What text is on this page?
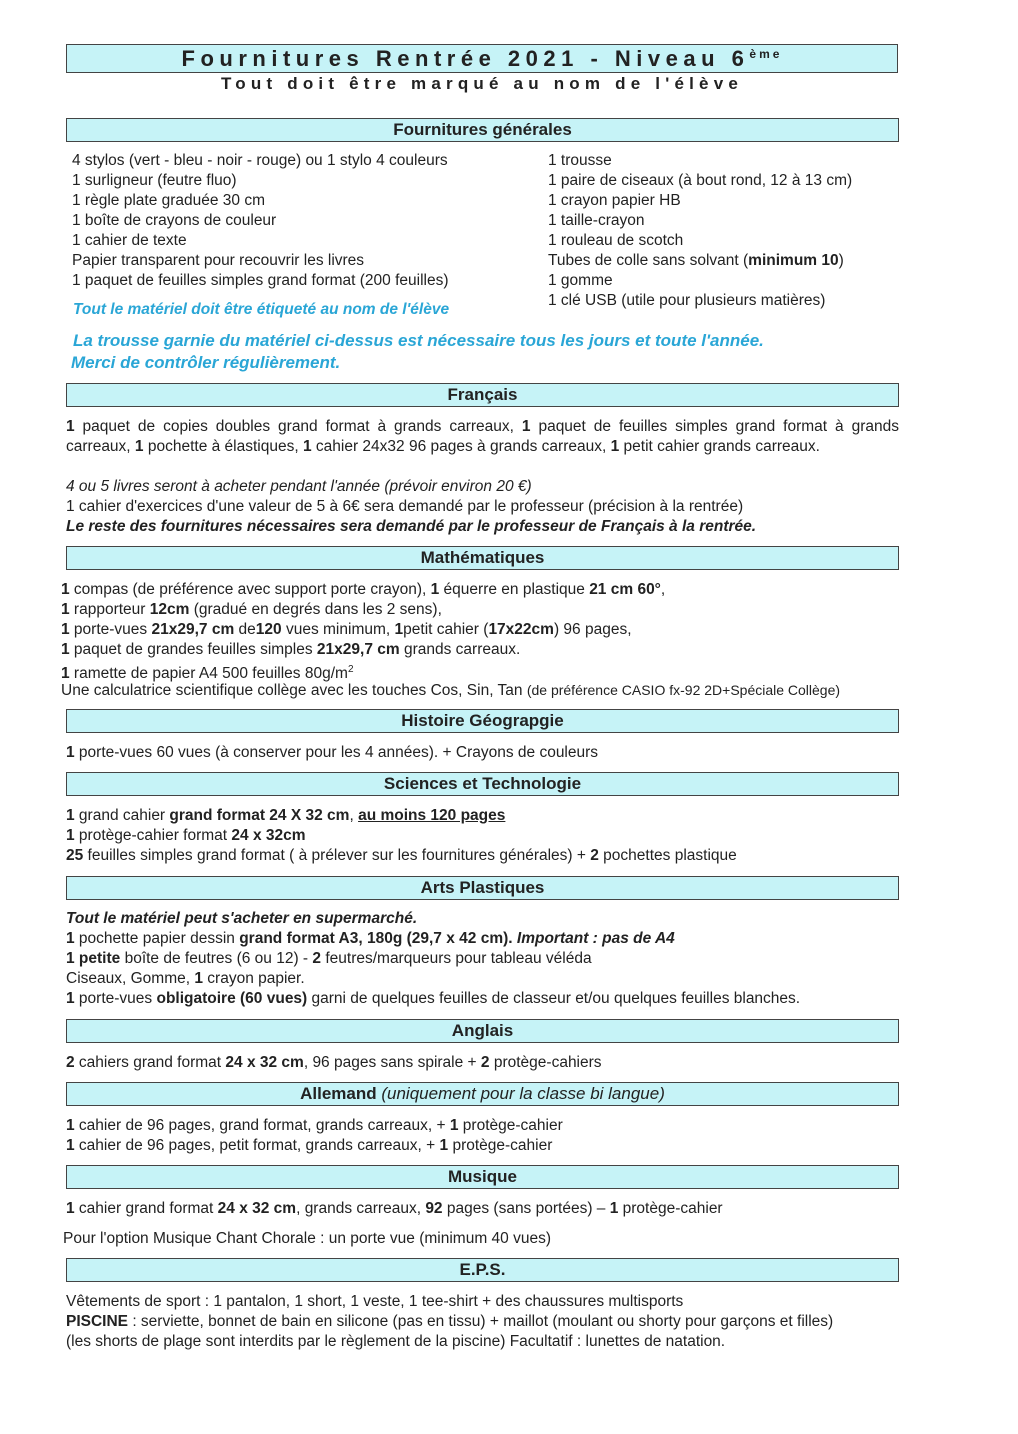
Fournitures Rentrée 2021 - Niveau 6ème
Tout doit être marqué au nom de l'élève
Fournitures générales
4 stylos (vert - bleu - noir - rouge) ou 1 stylo 4 couleurs
1 surligneur (feutre fluo)
1 règle plate graduée 30 cm
1 boîte de crayons de couleur
1 cahier de texte
Papier transparent pour recouvrir les livres
1 paquet de feuilles simples grand format (200 feuilles)
1 trousse
1 paire de ciseaux (à bout rond, 12 à 13 cm)
1 crayon papier HB
1 taille-crayon
1 rouleau de scotch
Tubes de colle sans solvant (minimum 10)
1 gomme
1 clé USB (utile pour plusieurs matières)
Tout le matériel doit être étiqueté au nom de l'élève
La trousse garnie du matériel ci-dessus est nécessaire tous les jours et toute l'année.
Merci de contrôler régulièrement.
Français
1 paquet de copies doubles grand format à grands carreaux, 1 paquet de feuilles simples grand format à grands carreaux, 1 pochette à élastiques, 1 cahier 24x32 96 pages à grands carreaux, 1 petit cahier grands carreaux.
4 ou 5 livres seront à acheter pendant l'année (prévoir environ 20 €)
1 cahier d'exercices d'une valeur de 5 à 6€ sera demandé par le professeur (précision à la rentrée)
Le reste des fournitures nécessaires sera demandé par le professeur de Français à la rentrée.
Mathématiques
1 compas (de préférence avec support porte crayon), 1 équerre en plastique 21 cm 60°,
1 rapporteur 12cm (gradué en degrés dans les 2 sens),
1 porte-vues 21x29,7 cm de120 vues minimum, 1petit cahier (17x22cm) 96 pages,
1 paquet de grandes feuilles simples 21x29,7 cm grands carreaux.
1 ramette de papier A4 500 feuilles $80g/m^2$
Une calculatrice scientifique collège avec les touches Cos, Sin, Tan (de préférence CASIO fx-92 2D+Spéciale Collège)
Histoire Géograpgie
1 porte-vues 60 vues (à conserver pour les 4 années). + Crayons de couleurs
Sciences et Technologie
1 grand cahier grand format 24 X 32 cm, au moins 120 pages
1 protège-cahier format 24 x 32cm
25 feuilles simples grand format ( à prélever sur les fournitures générales) + 2 pochettes plastique
Arts Plastiques
Tout le matériel peut s'acheter en supermarché.
1 pochette papier dessin grand format A3, 180g (29,7 x 42 cm). Important : pas de A4
1 petite boîte de feutres (6 ou 12) - 2 feutres/marqueurs pour tableau véléda
Ciseaux, Gomme, 1 crayon papier.
1 porte-vues obligatoire (60 vues) garni de quelques feuilles de classeur et/ou quelques feuilles blanches.
Anglais
2 cahiers grand format 24 x 32 cm, 96 pages sans spirale + 2 protège-cahiers
Allemand (uniquement pour la classe bi langue)
1 cahier de 96 pages, grand format, grands carreaux, + 1 protège-cahier
1 cahier de 96 pages, petit format, grands carreaux, + 1 protège-cahier
Musique
1 cahier grand format 24 x 32 cm, grands carreaux, 92 pages (sans portées) – 1 protège-cahier
Pour l'option Musique Chant Chorale : un porte vue (minimum 40 vues)
E.P.S.
Vêtements de sport : 1 pantalon, 1 short, 1 veste, 1 tee-shirt + des chaussures multisports
PISCINE : serviette, bonnet de bain en silicone (pas en tissu) + maillot (moulant ou shorty pour garçons et filles)
(les shorts de plage sont interdits par le règlement de la piscine) Facultatif : lunettes de natation.
